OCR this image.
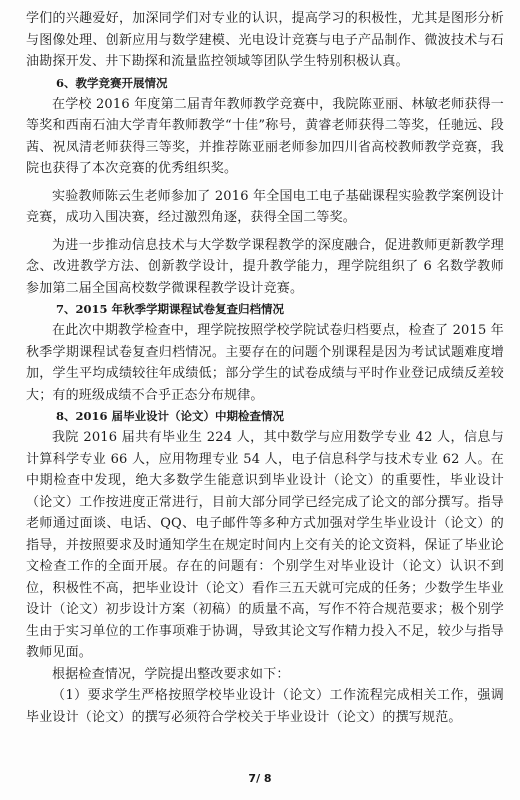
学们的兴趣爱好，加深同学们对专业的认识，提高学习的积极性，尤其是图形分析与图像处理、创新应用与数学建模、光电设计竞赛与电子产品制作、微波技术与石油勘探开发、井下勘探和流量监控领域等团队学生特别积极认真。

6、教学竞赛开展情况

在学校 2016 年度第二届青年教师教学竞赛中，我院陈亚丽、林敏老师获得一等奖和西南石油大学青年教师教学“十佳”称号，黄睿老师获得二等奖，任驰远、段茜、祝凤清老师获得三等奖，并推荐陈亚丽老师参加四川省高校教师教学竞赛，我院也获得了本次竞赛的优秀组织奖。

实验教师陈云生老师参加了 2016 年全国电工电子基础课程实验教学案例设计竞赛，成功入围决赛，经过激烈角逐，获得全国二等奖。

为进一步推动信息技术与大学数学课程教学的深度融合，促进教师更新教学理念、改进教学方法、创新教学设计，提升教学能力，理学院组织了 6 名数学教师参加第二届全国高校数学微课程教学设计竞赛。

7、2015 年秋季学期课程试卷复查归档情况

在此次中期教学检查中，理学院按照学校学院试卷归档要点，检查了 2015 年秋季学期课程试卷复查归档情况。主要存在的问题个别课程是因为考试试题难度增加，学生平均成绩较往年成绩低；部分学生的试卷成绩与平时作业登记成绩反差较大；有的班级成绩不合乎正态分布规律。

8、2016 届毕业设计（论文）中期检查情况

我院 2016 届共有毕业生 224 人，其中数学与应用数学专业 42 人，信息与计算科学专业 66 人，应用物理专业 54 人，电子信息科学与技术专业 62 人。在中期检查中发现，绝大多数学生能意识到毕业设计（论文）的重要性，毕业设计（论文）工作按进度正常进行，目前大部分同学已经完成了论文的部分撰写。指导老师通过面谈、电话、QQ、电子邮件等多种方式加强对学生毕业设计（论文）的指导，并按照要求及时通知学生在规定时间内上交有关的论文资料，保证了毕业论文检查工作的全面开展。存在的问题有：个别学生对毕业设计（论文）认识不到位，积极性不高，把毕业设计（论文）看作三五天就可完成的任务；少数学生毕业设计（论文）初步设计方案（初稿）的质量不高，写作不符合规范要求；极个别学生由于实习单位的工作事项难于协调，导致其论文写作精力投入不足，较少与指导教师见面。

根据检查情况，学院提出整改要求如下：

（1）要求学生严格按照学校毕业设计（论文）工作流程完成相关工作，强调毕业设计（论文）的撰写必须符合学校关于毕业设计（论文）的撰写规范。

7/ 8
